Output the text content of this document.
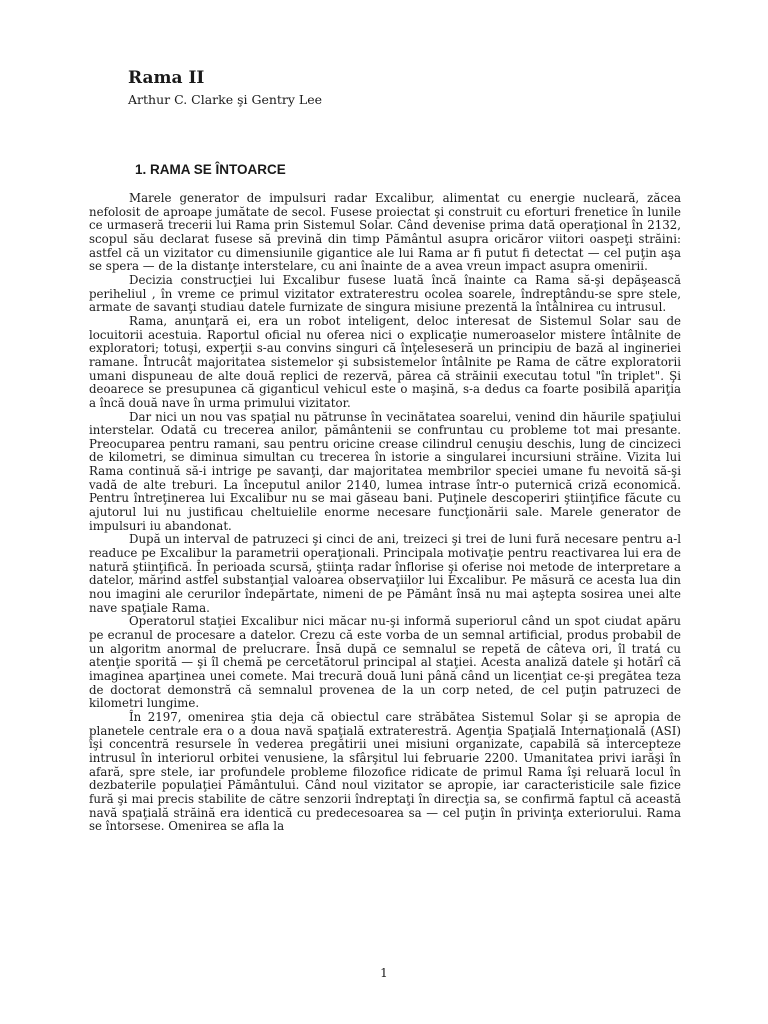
Rama II

Arthur C. Clarke şi Gentry Lee

1. RAMA SE ÎNTOARCE

Marele generator de impulsuri radar Excalibur, alimentat cu energie nucleară, zăcea nefolosit de aproape jumătate de secol. Fusese proiectat şi construit cu eforturi frenetice în lunile ce urmaseră trecerii lui Rama prin Sistemul Solar. Când devenise prima dată operaţional în 2132, scopul său declarat fusese să prevină din timp Pământul asupra oricăror viitori oaspeţi străini: astfel că un vizitator cu dimensiunile gigantice ale lui Rama ar fi putut fi detectat — cel puţin aşa se spera — de la distanţe interstelare, cu ani înainte de a avea vreun impact asupra omenirii.

Decizia construcţiei lui Excalibur fusese luată încă înainte ca Rama să-şi depăşească periheliul , în vreme ce primul vizitator extraterestru ocolea soarele, îndreptându-se spre stele, armate de savanţi studiau datele furnizate de singura misiune prezentă la întâlnirea cu intrusul.

Rama, anunţară ei, era un robot inteligent, deloc interesat de Sistemul Solar sau de locuitorii acestuia. Raportul oficial nu oferea nici o explicaţie numeroaselor mistere întâlnite de exploratori; totuşi, experţii s-au convins singuri că înţeleseseră un principiu de bază al ingineriei ramane. Întrucât majoritatea sistemelor şi subsistemelor întâlnite pe Rama de către exploratorii umani dispuneau de alte două replici de rezervă, părea că străinii executau totul "în triplet". Şi deoarece se presupunea că giganticul vehicul este o maşină, s-a dedus ca foarte posibilă apariţia a încă două nave în urma primului vizitator.

Dar nici un nou vas spaţial nu pătrunse în vecinătatea soarelui, venind din hăurile spaţiului interstelar. Odată cu trecerea anilor, pământenii se confruntau cu probleme tot mai presante. Preocuparea pentru ramani, sau pentru oricine crease cilindrul cenuşiu deschis, lung de cincizeci de kilometri, se diminua simultan cu trecerea în istorie a singularei incursiuni străine. Vizita lui Rama continuă să-i intrige pe savanţi, dar majoritatea membrilor speciei umane fu nevoită să-şi vadă de alte treburi. La începutul anilor 2140, lumea intrase într-o puternică criză economică. Pentru întreţinerea lui Excalibur nu se mai găseau bani. Puţinele descoperiri ştiinţifice făcute cu ajutorul lui nu justificau cheltuielile enorme necesare funcţionării sale. Marele generator de impulsuri iu abandonat.

După un interval de patruzeci şi cinci de ani, treizeci şi trei de luni fură necesare pentru a-l readuce pe Excalibur la parametrii operaţionali. Principala motivaţie pentru reactivarea lui era de natură ştiinţifică. În perioada scursă, ştiinţa radar înflorise şi oferise noi metode de interpretare a datelor, mărind astfel substanţial valoarea observaţiilor lui Excalibur. Pe măsură ce acesta lua din nou imagini ale cerurilor îndepărtate, nimeni de pe Pământ însă nu mai aştepta sosirea unei alte nave spaţiale Rama.

Operatorul staţiei Excalibur nici măcar nu-şi informă superiorul când un spot ciudat apăru pe ecranul de procesare a datelor. Crezu că este vorba de un semnal artificial, produs probabil de un algoritm anormal de prelucrare. Însă după ce semnalul se repetă de câteva ori, îl tratá cu atenţie sporită — şi îl chemă pe cercetătorul principal al staţiei. Acesta analiză datele şi hotărî că imaginea aparţinea unei comete. Mai trecură două luni până când un licenţiat ce-şi pregătea teza de doctorat demonstră că semnalul provenea de la un corp neted, de cel puţin patruzeci de kilometri lungime.

În 2197, omenirea ştia deja că obiectul care străbătea Sistemul Solar şi se apropia de planetele centrale era o a doua navă spaţială extraterestră. Agenţia Spaţială Internaţională (ASI) îşi concentră resursele în vederea pregătirii unei misiuni organizate, capabilă să intercepteze intrusul în interiorul orbitei venusiene, la sfârşitul lui februarie 2200. Umanitatea privi iarăşi în afară, spre stele, iar profundele probleme filozofice ridicate de primul Rama îşi reluară locul în dezbaterile populaţiei Pământului. Când noul vizitator se apropie, iar caracteristicile sale fizice fură şi mai precis stabilite de către senzorii îndreptaţi în direcţia sa, se confirmă faptul că această navă spaţială străină era identică cu predecesoarea sa — cel puţin în privinţa exteriorului. Rama se întorsese. Omenirea se afla la

1
